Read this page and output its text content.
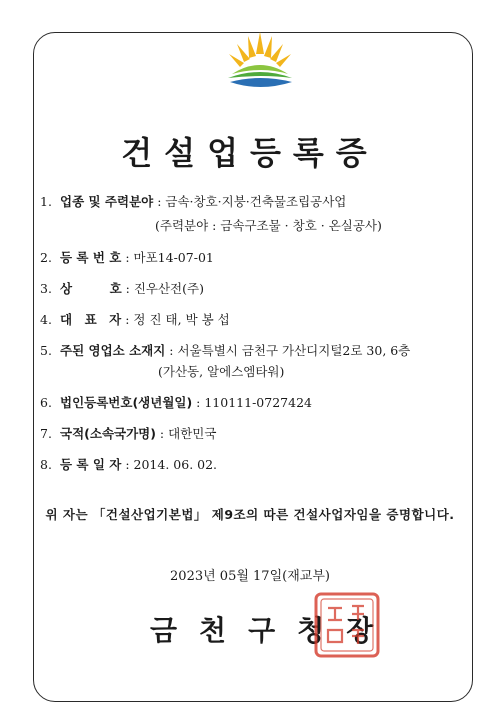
건설업등록증
1. 업종 및 주력분야 : 금속·창호·지붕·건축물조립공사업
(주력분야 : 금속구조물 · 창호 · 온실공사)
2. 등 록 번 호 : 마포14-07-01
3. 상　　　호 : 진우산전(주)
4. 대　표　자 : 정 진 태, 박 봉 섭
5. 주된 영업소 소재지 : 서울특별시 금천구 가산디지털2로 30, 6층
(가산동, 알에스엠타워)
6. 법인등록번호(생년월일) : 110111-0727424
7. 국적(소속국가명) : 대한민국
8. 등 록 일 자 : 2014. 06. 02.
위 자는 「건설산업기본법」 제9조의 따른 건설사업자임을 증명합니다.
2023년 05월 17일(재교부)
금천구청장
